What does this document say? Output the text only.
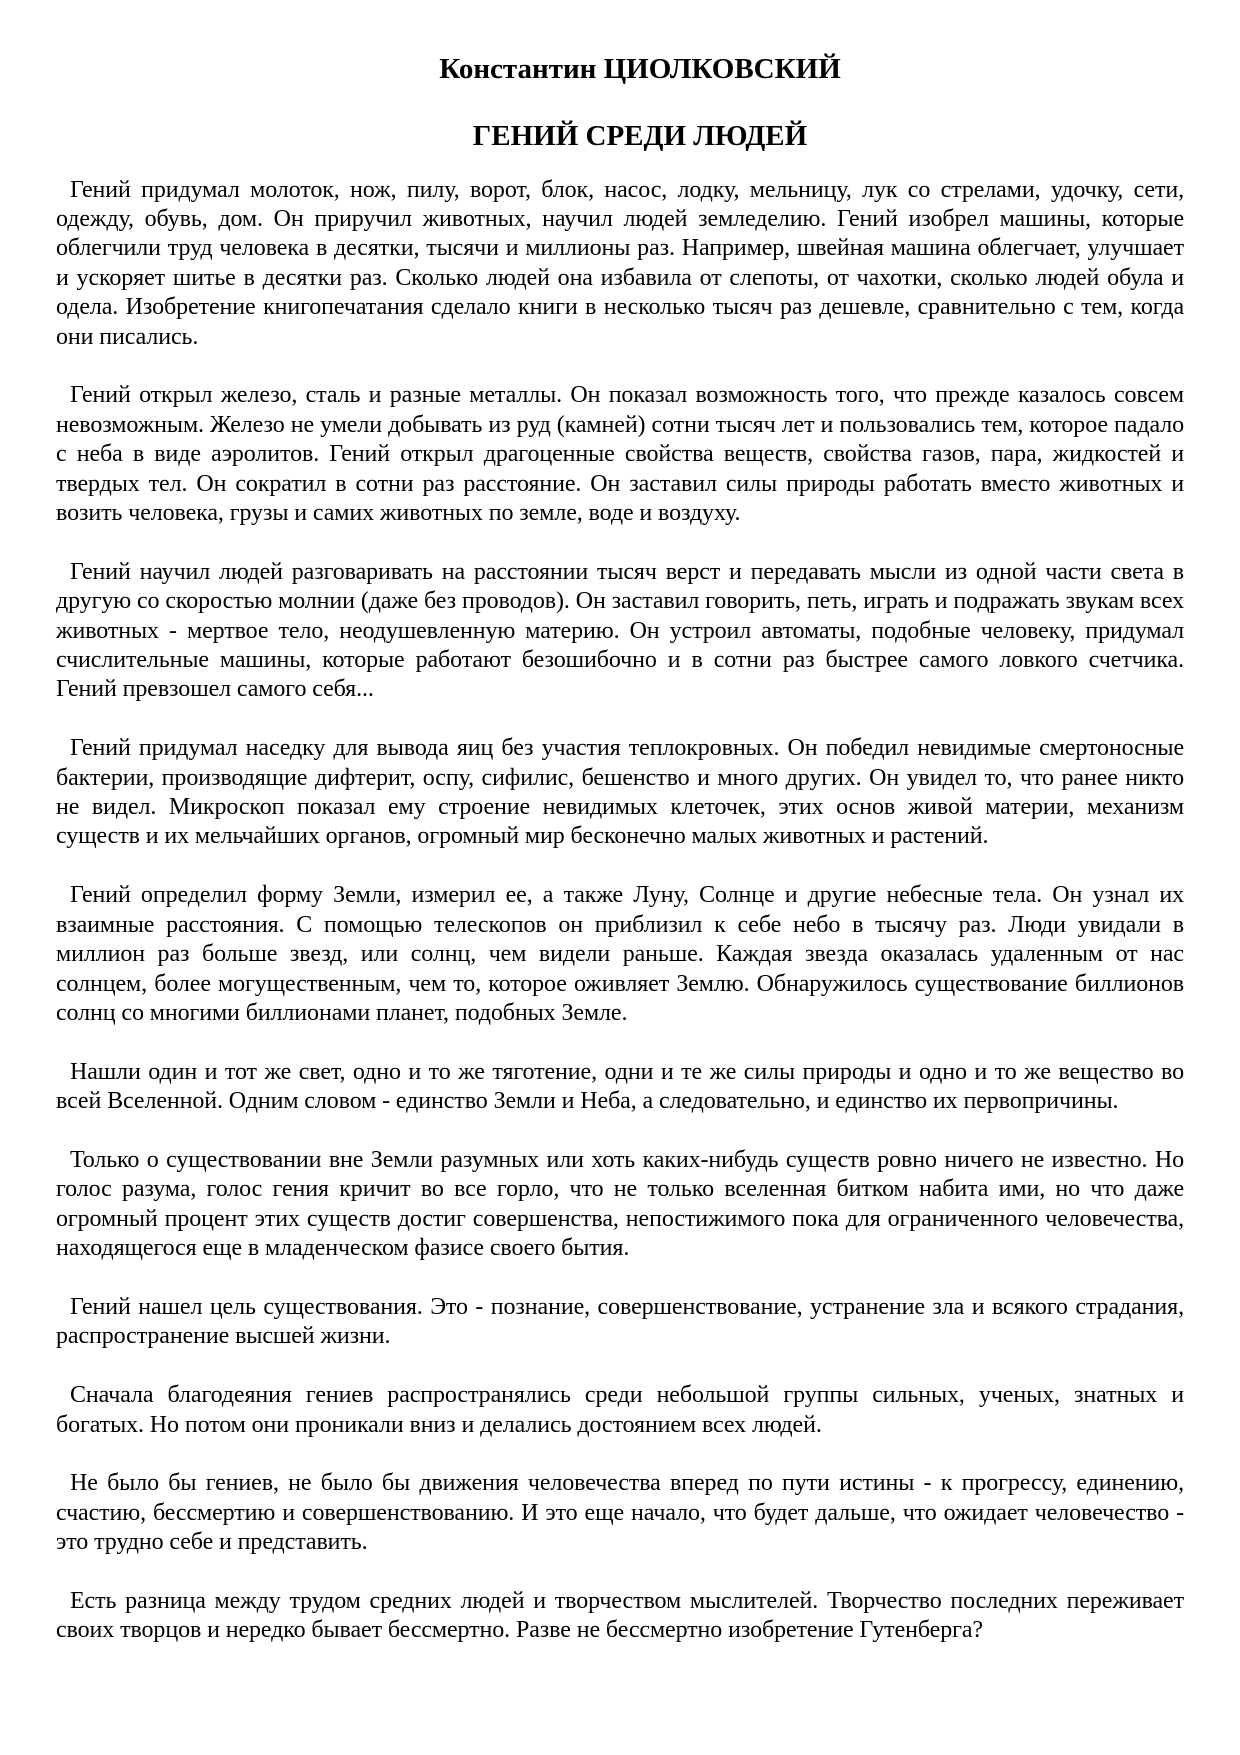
Константин ЦИОЛКОВСКИЙ
ГЕНИЙ СРЕДИ ЛЮДЕЙ

Гений придумал молоток, нож, пилу, ворот, блок, насос, лодку, мельницу, лук со стрелами, удочку, сети, одежду, обувь, дом. Он приручил животных, научил людей земледелию. Гений изобрел машины, которые облегчили труд человека в десятки, тысячи и миллионы раз. Например, швейная машина облегчает, улучшает и ускоряет шитье в десятки раз. Сколько людей она избавила от слепоты, от чахотки, сколько людей обула и одела. Изобретение книгопечатания сделало книги в несколько тысяч раз дешевле, сравнительно с тем, когда они писались.

Гений открыл железо, сталь и разные металлы. Он показал возможность того, что прежде казалось совсем невозможным. Железо не умели добывать из руд (камней) сотни тысяч лет и пользовались тем, которое падало с неба в виде аэролитов. Гений открыл драгоценные свойства веществ, свойства газов, пара, жидкостей и твердых тел. Он сократил в сотни раз расстояние. Он заставил силы природы работать вместо животных и возить человека, грузы и самих животных по земле, воде и воздуху.

Гений научил людей разговаривать на расстоянии тысяч верст и передавать мысли из одной части света в другую со скоростью молнии (даже без проводов). Он заставил говорить, петь, играть и подражать звукам всех животных - мертвое тело, неодушевленную материю. Он устроил автоматы, подобные человеку, придумал счислительные машины, которые работают безошибочно и в сотни раз быстрее самого ловкого счетчика. Гений превзошел самого себя...

Гений придумал наседку для вывода яиц без участия теплокровных. Он победил невидимые смертоносные бактерии, производящие дифтерит, оспу, сифилис, бешенство и много других. Он увидел то, что ранее никто не видел. Микроскоп показал ему строение невидимых клеточек, этих основ живой материи, механизм существ и их мельчайших органов, огромный мир бесконечно малых животных и растений.

Гений определил форму Земли, измерил ее, а также Луну, Солнце и другие небесные тела. Он узнал их взаимные расстояния. С помощью телескопов он приблизил к себе небо в тысячу раз. Люди увидали в миллион раз больше звезд, или солнц, чем видели раньше. Каждая звезда оказалась удаленным от нас солнцем, более могущественным, чем то, которое оживляет Землю. Обнаружилось существование биллионов солнц со многими биллионами планет, подобных Земле.

Нашли один и тот же свет, одно и то же тяготение, одни и те же силы природы и одно и то же вещество во всей Вселенной. Одним словом - единство Земли и Неба, а следовательно, и единство их первопричины.

Только о существовании вне Земли разумных или хоть каких-нибудь существ ровно ничего не известно. Но голос разума, голос гения кричит во все горло, что не только вселенная битком набита ими, но что даже огромный процент этих существ достиг совершенства, непостижимого пока для ограниченного человечества, находящегося еще в младенческом фазисе своего бытия.

Гений нашел цель существования. Это - познание, совершенствование, устранение зла и всякого страдания, распространение высшей жизни.

Сначала благодеяния гениев распространялись среди небольшой группы сильных, ученых, знатных и богатых. Но потом они проникали вниз и делались достоянием всех людей.

Не было бы гениев, не было бы движения человечества вперед по пути истины - к прогрессу, единению, счастию, бессмертию и совершенствованию. И это еще начало, что будет дальше, что ожидает человечество - это трудно себе и представить.

Есть разница между трудом средних людей и творчеством мыслителей. Творчество последних переживает своих творцов и нередко бывает бессмертно. Разве не бессмертно изобретение Гутенберга?
